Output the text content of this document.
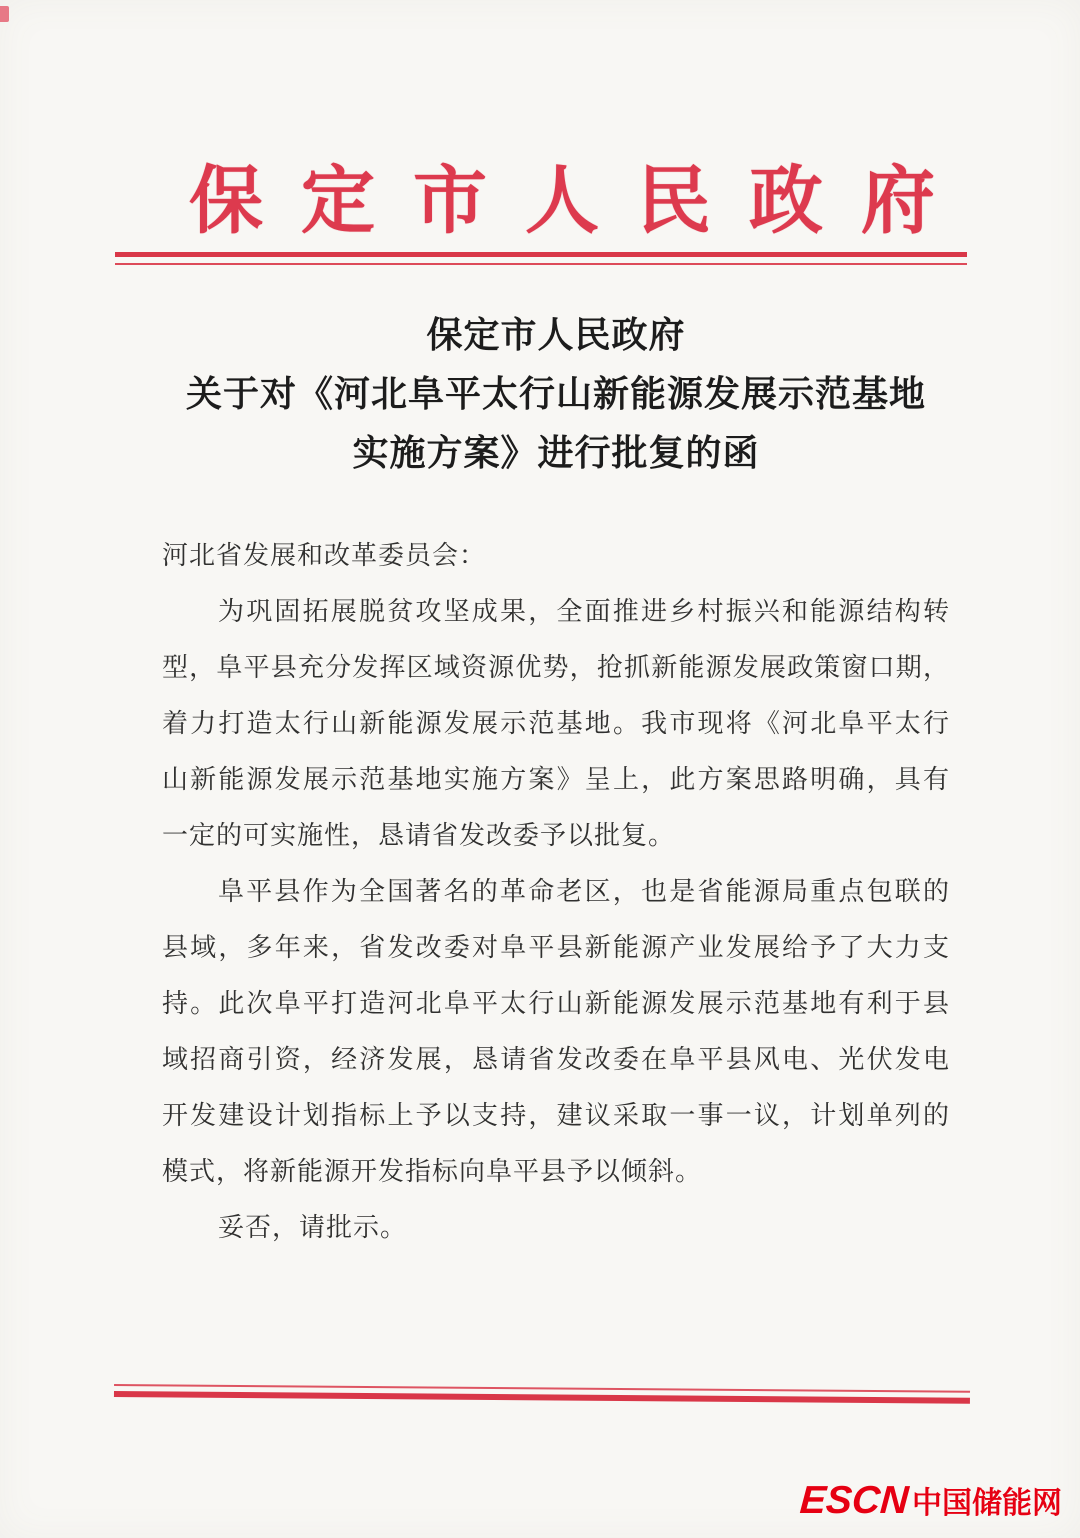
保定市人民政府
保定市人民政府
关于对《河北阜平太行山新能源发展示范基地
实施方案》进行批复的函
河北省发展和改革委员会：
为巩固拓展脱贫攻坚成果，全面推进乡村振兴和能源结构转
型，阜平县充分发挥区域资源优势，抢抓新能源发展政策窗口期，
着力打造太行山新能源发展示范基地。我市现将《河北阜平太行
山新能源发展示范基地实施方案》呈上，此方案思路明确，具有
一定的可实施性，恳请省发改委予以批复。
阜平县作为全国著名的革命老区，也是省能源局重点包联的
县域，多年来，省发改委对阜平县新能源产业发展给予了大力支
持。此次阜平打造河北阜平太行山新能源发展示范基地有利于县
域招商引资，经济发展，恳请省发改委在阜平县风电、光伏发电
开发建设计划指标上予以支持，建议采取一事一议，计划单列的
模式，将新能源开发指标向阜平县予以倾斜。
妥否，请批示。
ESCN 中国储能网
